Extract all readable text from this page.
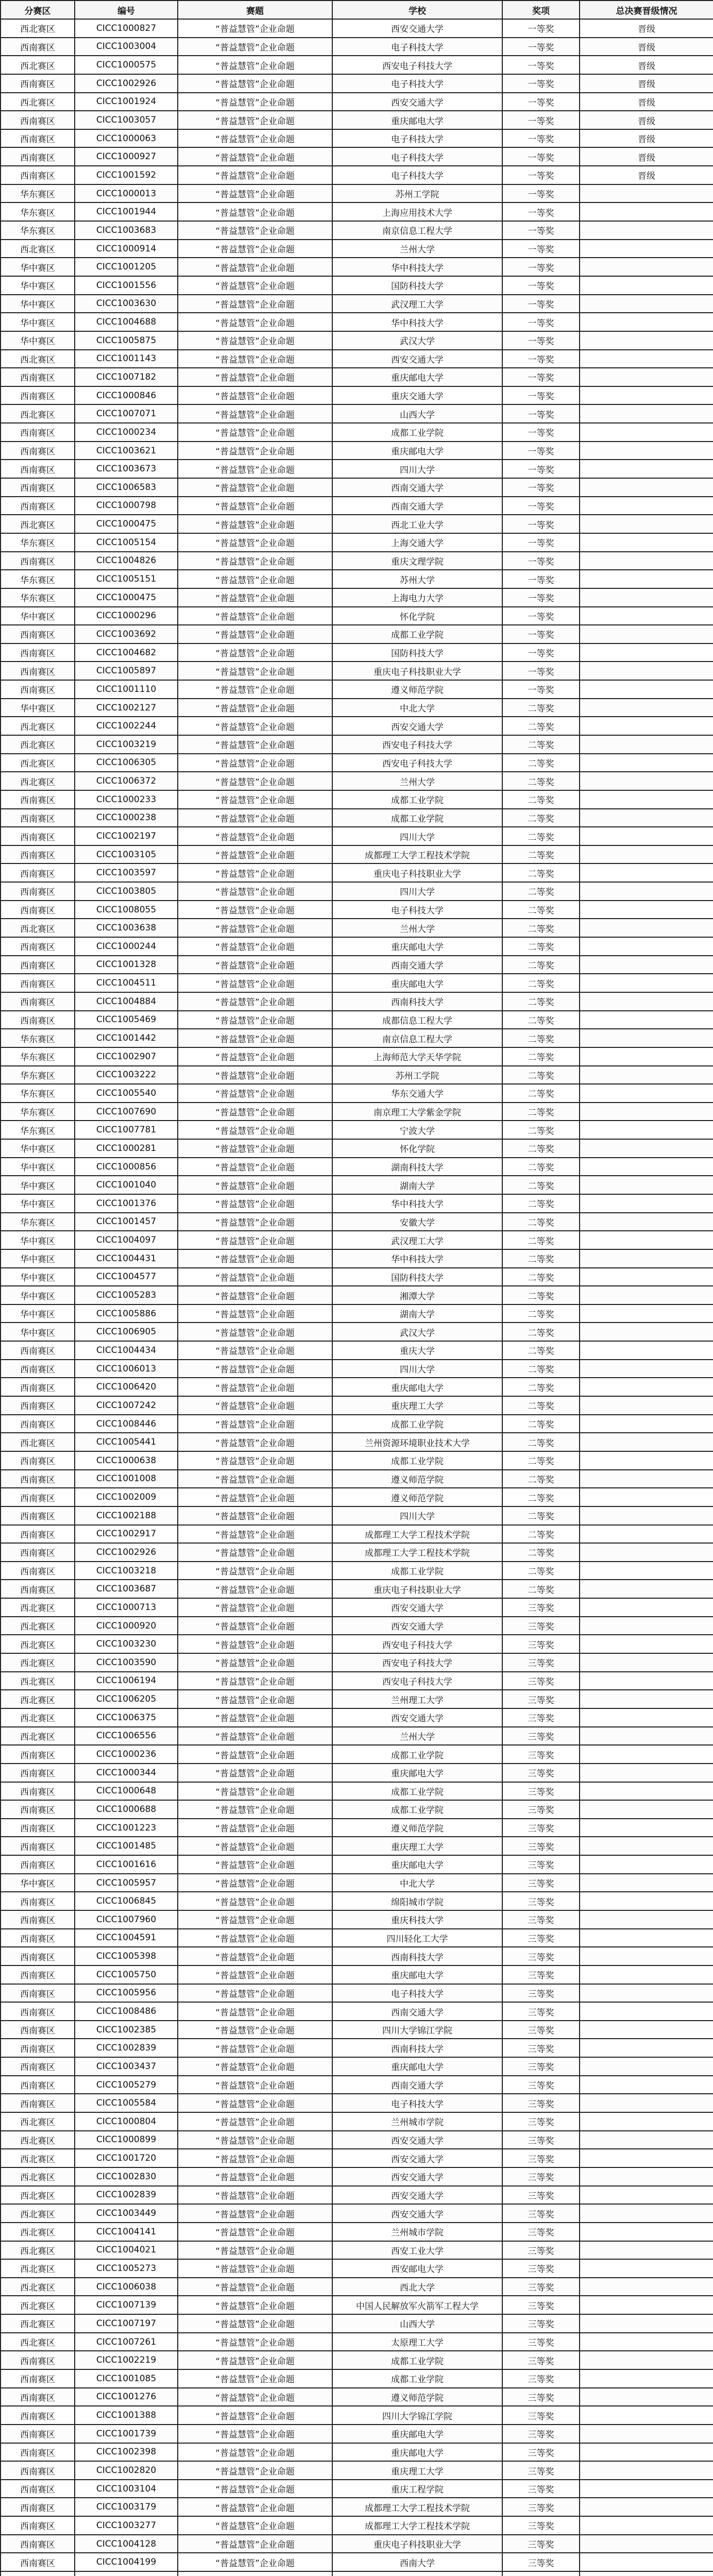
分赛区	编号	赛题	学校	奖项	总决赛晋级情况
西北赛区	CICC1000827	“普益慧管”企业命题	西安交通大学	一等奖	晋级
西南赛区	CICC1003004	“普益慧管”企业命题	电子科技大学	一等奖	晋级
西北赛区	CICC1000575	“普益慧管”企业命题	西安电子科技大学	一等奖	晋级
西南赛区	CICC1002926	“普益慧管”企业命题	电子科技大学	一等奖	晋级
西北赛区	CICC1001924	“普益慧管”企业命题	西安交通大学	一等奖	晋级
西南赛区	CICC1003057	“普益慧管”企业命题	重庆邮电大学	一等奖	晋级
西南赛区	CICC1000063	“普益慧管”企业命题	电子科技大学	一等奖	晋级
西南赛区	CICC1000927	“普益慧管”企业命题	电子科技大学	一等奖	晋级
西南赛区	CICC1001592	“普益慧管”企业命题	电子科技大学	一等奖	晋级
华东赛区	CICC1000013	“普益慧管”企业命题	苏州工学院	一等奖	
华东赛区	CICC1001944	“普益慧管”企业命题	上海应用技术大学	一等奖	
华东赛区	CICC1003683	“普益慧管”企业命题	南京信息工程大学	一等奖	
西北赛区	CICC1000914	“普益慧管”企业命题	兰州大学	一等奖	
华中赛区	CICC1001205	“普益慧管”企业命题	华中科技大学	一等奖	
华中赛区	CICC1001556	“普益慧管”企业命题	国防科技大学	一等奖	
华中赛区	CICC1003630	“普益慧管”企业命题	武汉理工大学	一等奖	
华中赛区	CICC1004688	“普益慧管”企业命题	华中科技大学	一等奖	
华中赛区	CICC1005875	“普益慧管”企业命题	武汉大学	一等奖	
西北赛区	CICC1001143	“普益慧管”企业命题	西安交通大学	一等奖	
西南赛区	CICC1007182	“普益慧管”企业命题	重庆邮电大学	一等奖	
西南赛区	CICC1000846	“普益慧管”企业命题	重庆交通大学	一等奖	
西北赛区	CICC1007071	“普益慧管”企业命题	山西大学	一等奖	
西南赛区	CICC1000234	“普益慧管”企业命题	成都工业学院	一等奖	
西南赛区	CICC1003621	“普益慧管”企业命题	重庆邮电大学	一等奖	
西南赛区	CICC1003673	“普益慧管”企业命题	四川大学	一等奖	
西南赛区	CICC1006583	“普益慧管”企业命题	西南交通大学	一等奖	
西南赛区	CICC1000798	“普益慧管”企业命题	西南交通大学	一等奖	
西北赛区	CICC1000475	“普益慧管”企业命题	西北工业大学	一等奖	
华东赛区	CICC1005154	“普益慧管”企业命题	上海交通大学	一等奖	
西南赛区	CICC1004826	“普益慧管”企业命题	重庆文理学院	一等奖	
华东赛区	CICC1005151	“普益慧管”企业命题	苏州大学	一等奖	
华东赛区	CICC1000475	“普益慧管”企业命题	上海电力大学	一等奖	
华中赛区	CICC1000296	“普益慧管”企业命题	怀化学院	一等奖	
西南赛区	CICC1003692	“普益慧管”企业命题	成都工业学院	一等奖	
西南赛区	CICC1004682	“普益慧管”企业命题	国防科技大学	一等奖	
西南赛区	CICC1005897	“普益慧管”企业命题	重庆电子科技职业大学	一等奖	
西南赛区	CICC1001110	“普益慧管”企业命题	遵义师范学院	一等奖	
华中赛区	CICC1002127	“普益慧管”企业命题	中北大学	二等奖	
西北赛区	CICC1002244	“普益慧管”企业命题	西安交通大学	二等奖	
西北赛区	CICC1003219	“普益慧管”企业命题	西安电子科技大学	二等奖	
西北赛区	CICC1006305	“普益慧管”企业命题	西安电子科技大学	二等奖	
西北赛区	CICC1006372	“普益慧管”企业命题	兰州大学	二等奖	
西南赛区	CICC1000233	“普益慧管”企业命题	成都工业学院	二等奖	
西南赛区	CICC1000238	“普益慧管”企业命题	成都工业学院	二等奖	
西南赛区	CICC1002197	“普益慧管”企业命题	四川大学	二等奖	
西南赛区	CICC1003105	“普益慧管”企业命题	成都理工大学工程技术学院	二等奖	
西南赛区	CICC1003597	“普益慧管”企业命题	重庆电子科技职业大学	二等奖	
西南赛区	CICC1003805	“普益慧管”企业命题	四川大学	二等奖	
西南赛区	CICC1008055	“普益慧管”企业命题	电子科技大学	二等奖	
西北赛区	CICC1003638	“普益慧管”企业命题	兰州大学	二等奖	
西南赛区	CICC1000244	“普益慧管”企业命题	重庆邮电大学	二等奖	
西南赛区	CICC1001328	“普益慧管”企业命题	西南交通大学	二等奖	
西南赛区	CICC1004511	“普益慧管”企业命题	重庆邮电大学	二等奖	
西南赛区	CICC1004884	“普益慧管”企业命题	西南科技大学	二等奖	
西南赛区	CICC1005469	“普益慧管”企业命题	成都信息工程大学	二等奖	
华东赛区	CICC1001442	“普益慧管”企业命题	南京信息工程大学	二等奖	
华东赛区	CICC1002907	“普益慧管”企业命题	上海师范大学天华学院	二等奖	
华东赛区	CICC1003222	“普益慧管”企业命题	苏州工学院	二等奖	
华东赛区	CICC1005540	“普益慧管”企业命题	华东交通大学	二等奖	
华东赛区	CICC1007690	“普益慧管”企业命题	南京理工大学紫金学院	二等奖	
华东赛区	CICC1007781	“普益慧管”企业命题	宁波大学	二等奖	
华中赛区	CICC1000281	“普益慧管”企业命题	怀化学院	二等奖	
华中赛区	CICC1000856	“普益慧管”企业命题	湖南科技大学	二等奖	
华中赛区	CICC1001040	“普益慧管”企业命题	湖南大学	二等奖	
华中赛区	CICC1001376	“普益慧管”企业命题	华中科技大学	二等奖	
华东赛区	CICC1001457	“普益慧管”企业命题	安徽大学	二等奖	
华中赛区	CICC1004097	“普益慧管”企业命题	武汉理工大学	二等奖	
华中赛区	CICC1004431	“普益慧管”企业命题	华中科技大学	二等奖	
华中赛区	CICC1004577	“普益慧管”企业命题	国防科技大学	二等奖	
华中赛区	CICC1005283	“普益慧管”企业命题	湘潭大学	二等奖	
华中赛区	CICC1005886	“普益慧管”企业命题	湖南大学	二等奖	
华中赛区	CICC1006905	“普益慧管”企业命题	武汉大学	二等奖	
西南赛区	CICC1004434	“普益慧管”企业命题	重庆大学	二等奖	
西南赛区	CICC1006013	“普益慧管”企业命题	四川大学	二等奖	
西南赛区	CICC1006420	“普益慧管”企业命题	重庆邮电大学	二等奖	
西南赛区	CICC1007242	“普益慧管”企业命题	重庆理工大学	二等奖	
西南赛区	CICC1008446	“普益慧管”企业命题	成都工业学院	二等奖	
西北赛区	CICC1005441	“普益慧管”企业命题	兰州资源环境职业技术大学	二等奖	
西南赛区	CICC1000638	“普益慧管”企业命题	成都工业学院	二等奖	
西南赛区	CICC1001008	“普益慧管”企业命题	遵义师范学院	二等奖	
西南赛区	CICC1002009	“普益慧管”企业命题	遵义师范学院	二等奖	
西南赛区	CICC1002188	“普益慧管”企业命题	四川大学	二等奖	
西南赛区	CICC1002917	“普益慧管”企业命题	成都理工大学工程技术学院	二等奖	
西南赛区	CICC1002926	“普益慧管”企业命题	成都理工大学工程技术学院	二等奖	
西南赛区	CICC1003218	“普益慧管”企业命题	成都工业学院	二等奖	
西南赛区	CICC1003687	“普益慧管”企业命题	重庆电子科技职业大学	二等奖	
西北赛区	CICC1000713	“普益慧管”企业命题	西安交通大学	三等奖	
西北赛区	CICC1000920	“普益慧管”企业命题	西安交通大学	三等奖	
西北赛区	CICC1003230	“普益慧管”企业命题	西安电子科技大学	三等奖	
西北赛区	CICC1003590	“普益慧管”企业命题	西安电子科技大学	三等奖	
西北赛区	CICC1006194	“普益慧管”企业命题	西安电子科技大学	三等奖	
西北赛区	CICC1006205	“普益慧管”企业命题	兰州理工大学	三等奖	
西北赛区	CICC1006375	“普益慧管”企业命题	西安交通大学	三等奖	
西北赛区	CICC1006556	“普益慧管”企业命题	兰州大学	三等奖	
西南赛区	CICC1000236	“普益慧管”企业命题	成都工业学院	三等奖	
西南赛区	CICC1000344	“普益慧管”企业命题	重庆邮电大学	三等奖	
西南赛区	CICC1000648	“普益慧管”企业命题	成都工业学院	三等奖	
西南赛区	CICC1000688	“普益慧管”企业命题	成都工业学院	三等奖	
西南赛区	CICC1001223	“普益慧管”企业命题	遵义师范学院	三等奖	
西南赛区	CICC1001485	“普益慧管”企业命题	重庆理工大学	三等奖	
西南赛区	CICC1001616	“普益慧管”企业命题	重庆邮电大学	三等奖	
华中赛区	CICC1005957	“普益慧管”企业命题	中北大学	三等奖	
西南赛区	CICC1006845	“普益慧管”企业命题	绵阳城市学院	三等奖	
西南赛区	CICC1007960	“普益慧管”企业命题	重庆科技大学	三等奖	
西南赛区	CICC1004591	“普益慧管”企业命题	四川轻化工大学	三等奖	
西南赛区	CICC1005398	“普益慧管”企业命题	西南科技大学	三等奖	
西南赛区	CICC1005750	“普益慧管”企业命题	重庆邮电大学	三等奖	
西南赛区	CICC1005956	“普益慧管”企业命题	电子科技大学	三等奖	
西南赛区	CICC1008486	“普益慧管”企业命题	西南交通大学	三等奖	
西南赛区	CICC1002385	“普益慧管”企业命题	四川大学锦江学院	三等奖	
西南赛区	CICC1002839	“普益慧管”企业命题	西南科技大学	三等奖	
西南赛区	CICC1003437	“普益慧管”企业命题	重庆邮电大学	三等奖	
西南赛区	CICC1005279	“普益慧管”企业命题	西南交通大学	三等奖	
西南赛区	CICC1005584	“普益慧管”企业命题	电子科技大学	三等奖	
西北赛区	CICC1000804	“普益慧管”企业命题	兰州城市学院	三等奖	
西北赛区	CICC1000899	“普益慧管”企业命题	西安交通大学	三等奖	
西北赛区	CICC1001720	“普益慧管”企业命题	西安交通大学	三等奖	
西北赛区	CICC1002830	“普益慧管”企业命题	西安交通大学	三等奖	
西北赛区	CICC1002839	“普益慧管”企业命题	西安交通大学	三等奖	
西北赛区	CICC1003449	“普益慧管”企业命题	西安交通大学	三等奖	
西北赛区	CICC1004141	“普益慧管”企业命题	兰州城市学院	三等奖	
西北赛区	CICC1004021	“普益慧管”企业命题	西安工业大学	三等奖	
西北赛区	CICC1005273	“普益慧管”企业命题	西安邮电大学	三等奖	
西北赛区	CICC1006038	“普益慧管”企业命题	西北大学	三等奖	
西北赛区	CICC1007139	“普益慧管”企业命题	中国人民解放军火箭军工程大学	三等奖	
西北赛区	CICC1007197	“普益慧管”企业命题	山西大学	三等奖	
西北赛区	CICC1007261	“普益慧管”企业命题	太原理工大学	三等奖	
西南赛区	CICC1002219	“普益慧管”企业命题	成都工业学院	三等奖	
西南赛区	CICC1001085	“普益慧管”企业命题	成都工业学院	三等奖	
西南赛区	CICC1001276	“普益慧管”企业命题	遵义师范学院	三等奖	
西南赛区	CICC1001388	“普益慧管”企业命题	四川大学锦江学院	三等奖	
西南赛区	CICC1001739	“普益慧管”企业命题	重庆邮电大学	三等奖	
西南赛区	CICC1002398	“普益慧管”企业命题	重庆邮电大学	三等奖	
西南赛区	CICC1002820	“普益慧管”企业命题	重庆理工大学	三等奖	
西南赛区	CICC1003104	“普益慧管”企业命题	重庆工程学院	三等奖	
西南赛区	CICC1003179	“普益慧管”企业命题	成都理工大学工程技术学院	三等奖	
西南赛区	CICC1003277	“普益慧管”企业命题	成都理工大学工程技术学院	三等奖	
西南赛区	CICC1004128	“普益慧管”企业命题	重庆电子科技职业大学	三等奖	
西南赛区	CICC1004199	“普益慧管”企业命题	西南大学	三等奖	
